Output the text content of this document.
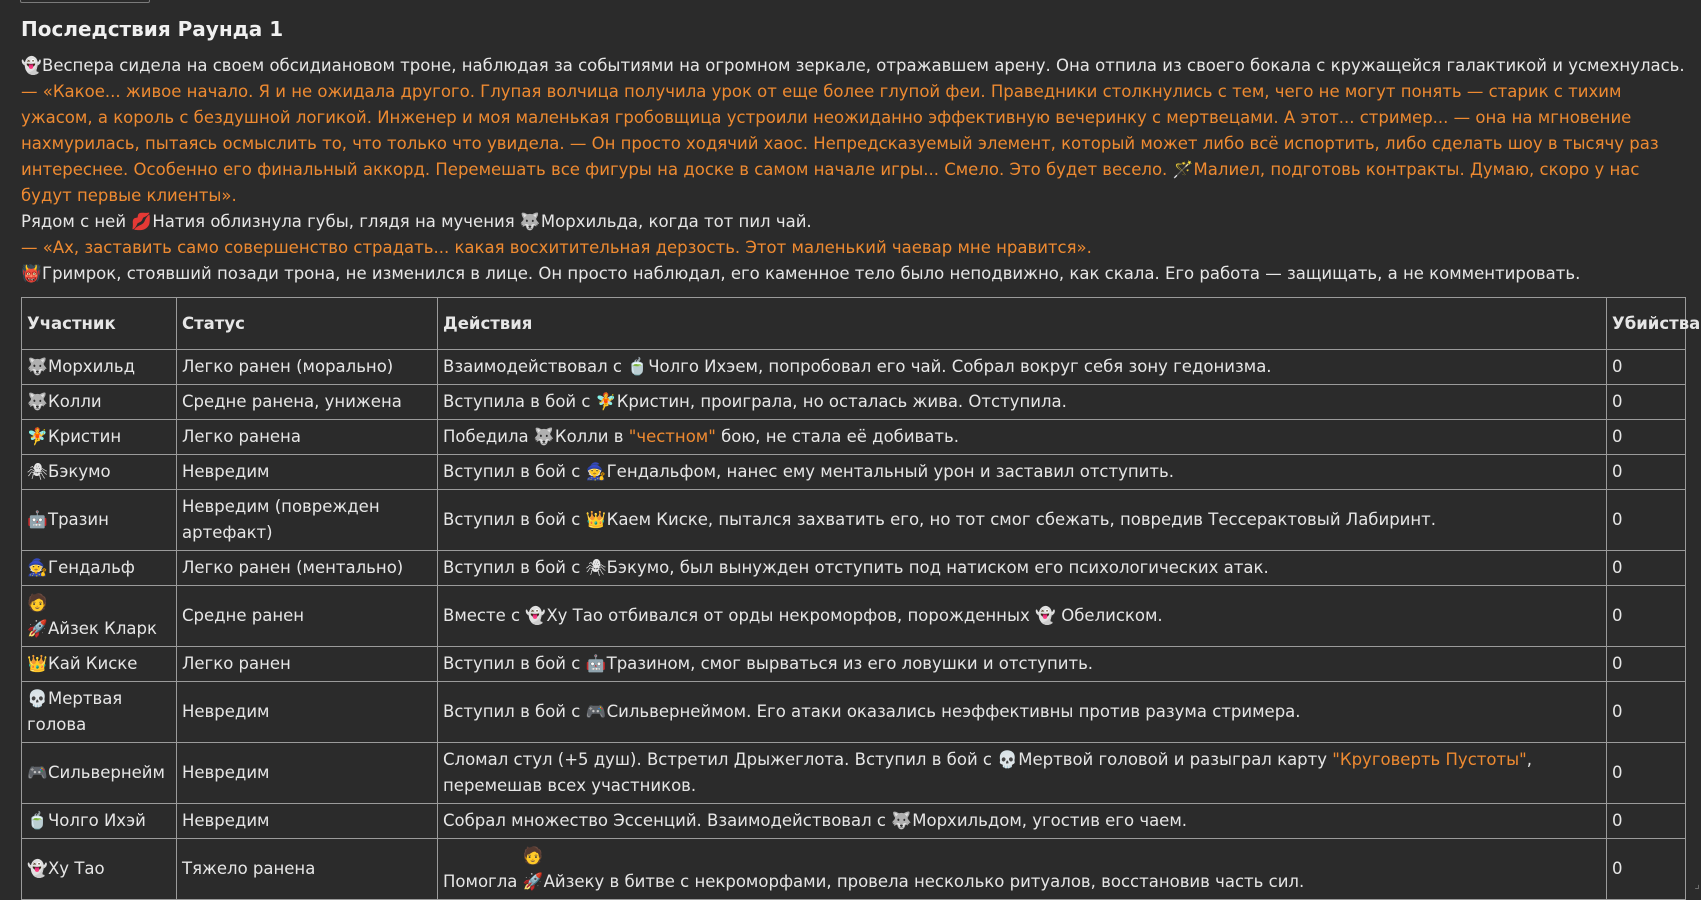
Последствия Раунда 1

👻Веспера сидела на своем обсидиановом троне, наблюдая за событиями на огромном зеркале, отражавшем арену. Она отпила из своего бокала с кружащейся галактикой и усмехнулась.

— «Какое... живое начало. Я и не ожидала другого. Глупая волчица получила урок от еще более глупой феи. Праведники столкнулись с тем, чего не могут понять — старик с тихим ужасом, а король с бездушной логикой. Инженер и моя маленькая гробовщица устроили неожиданно эффективную вечеринку с мертвецами. А этот... стример... — она на мгновение нахмурилась, пытаясь осмыслить то, что только что увидела. — Он просто ходячий хаос. Непредсказуемый элемент, который может либо всё испортить, либо сделать шоу в тысячу раз интереснее. Особенно его финальный аккорд. Перемешать все фигуры на доске в самом начале игры... Смело. Это будет весело. 🪄Малиел, подготовь контракты. Думаю, скоро у нас будут первые клиенты».

Рядом с ней 💋Натия облизнула губы, глядя на мучения 🐺Морхильда, когда тот пил чай.

— «Ах, заставить само совершенство страдать... какая восхитительная дерзость. Этот маленький чаевар мне нравится».

👹Гримрок, стоявший позади трона, не изменился в лице. Он просто наблюдал, его каменное тело было неподвижно, как скала. Его работа — защищать, а не комментировать.

Участник	Статус	Действия	Убийства
🐺Морхильд	Легко ранен (морально)	Взаимодействовал с 🍵Чолго Ихэем, попробовал его чай. Собрал вокруг себя зону гедонизма.	0
🐺Колли	Средне ранена, унижена	Вступила в бой с 🧚Кристин, проиграла, но осталась жива. Отступила.	0
🧚Кристин	Легко ранена	Победила 🐺Колли в "честном" бою, не стала её добивать.	0
🕷Бэкумо	Невредим	Вступил в бой с 🧙Гендальфом, нанес ему ментальный урон и заставил отступить.	0
🤖Тразин	Невредим (поврежден артефакт)	Вступил в бой с 👑Каем Киске, пытался захватить его, но тот смог сбежать, повредив Тессерактовый Лабиринт.	0
🧙Гендальф	Легко ранен (ментально)	Вступил в бой с 🕷Бэкумо, был вынужден отступить под натиском его психологических атак.	0
🧑🚀Айзек Кларк	Средне ранен	Вместе с 👻Ху Тао отбивался от орды некроморфов, порожденных 👻 Обелиском.	0
👑Кай Киске	Легко ранен	Вступил в бой с 🤖Тразином, смог вырваться из его ловушки и отступить.	0
💀Мертвая голова	Невредим	Вступил в бой с 🎮Сильвернеймом. Его атаки оказались неэффективны против разума стримера.	0
🎮Сильвернейм	Невредим	Сломал стул (+5 душ). Встретил Дрыжеглота. Вступил в бой с 💀Мертвой головой и разыграл карту "Круговерть Пустоты", перемешав всех участников.	0
🍵Чолго Ихэй	Невредим	Собрал множество Эссенций. Взаимодействовал с 🐺Морхильдом, угостив его чаем.	0
👻Ху Тао	Тяжело ранена	Помогла 🧑🚀Айзеку в битве с некроморфами, провела несколько ритуалов, восстановив часть сил.	0
⌟
